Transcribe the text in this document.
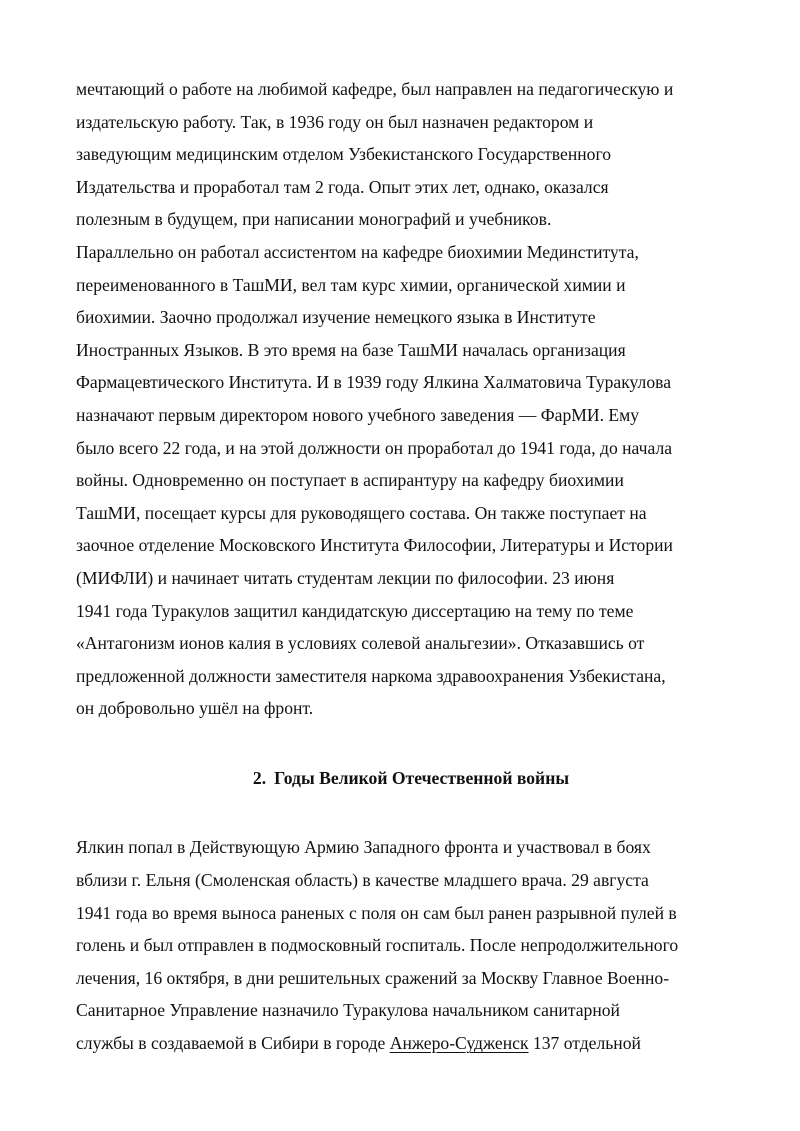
мечтающий о работе на любимой кафедре, был направлен на педагогическую и
издательскую работу. Так, в 1936 году он был назначен редактором и
заведующим медицинским отделом Узбекистанского Государственного
Издательства и проработал там 2 года. Опыт этих лет, однако, оказался
полезным в будущем, при написании монографий и учебников.
Параллельно он работал ассистентом на кафедре биохимии Мединститута,
переименованного в ТашМИ, вел там курс химии, органической химии и
биохимии. Заочно продолжал изучение немецкого языка в Институте
Иностранных Языков. В это время на базе ТашМИ началась организация
Фармацевтического Института. И в 1939 году Ялкина Халматовича Туракулова
назначают первым директором нового учебного заведения — ФарМИ. Ему
было всего 22 года, и на этой должности он проработал до 1941 года, до начала
войны. Одновременно он поступает в аспирантуру на кафедру биохимии
ТашМИ, посещает курсы для руководящего состава. Он также поступает на
заочное отделение Московского Института Философии, Литературы и Истории
(МИФЛИ) и начинает читать студентам лекции по философии. 23 июня
1941 года Туракулов защитил кандидатскую диссертацию на тему по теме
«Антагонизм ионов калия в условиях солевой анальгезии». Отказавшись от
предложенной должности заместителя наркома здравоохранения Узбекистана,
он добровольно ушёл на фронт.

2. Годы Великой Отечественной войны

Ялкин попал в Действующую Армию Западного фронта и участвовал в боях
вблизи г. Ельня (Смоленская область) в качестве младшего врача. 29 августа
1941 года во время выноса раненых с поля он сам был ранен разрывной пулей в
голень и был отправлен в подмосковный госпиталь. После непродолжительного
лечения, 16 октября, в дни решительных сражений за Москву Главное Военно-
Санитарное Управление назначило Туракулова начальником санитарной
службы в создаваемой в Сибири в городе Анжеро-Судженск 137 отдельной
